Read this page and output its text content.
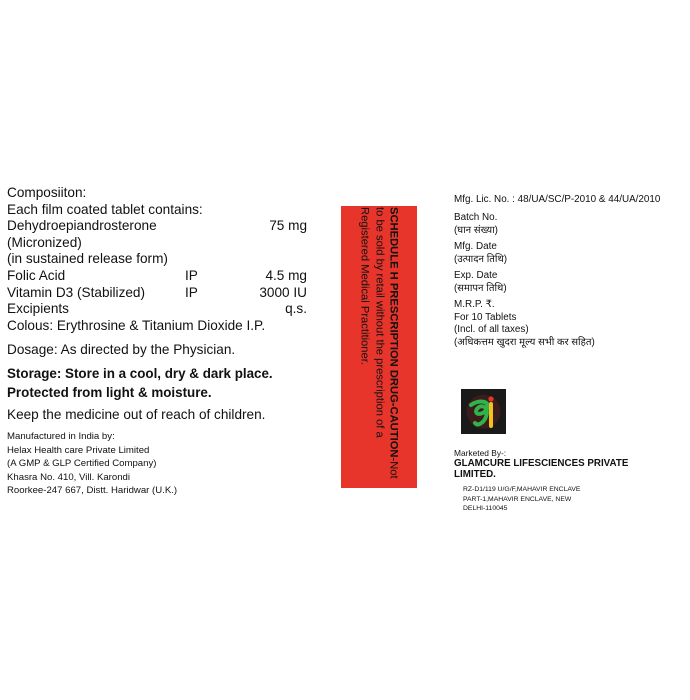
Composiiton:
Each film coated tablet contains:
Dehydroepiandrosterone	75 mg
(Micronized)
(in sustained release form)
Folic Acid	IP	4.5 mg
Vitamin D3 (Stabilized)	IP	3000 IU
Excipients	q.s.
Colous: Erythrosine & Titanium Dioxide I.P.
Dosage: As directed by the Physician.
Storage: Store in a cool, dry & dark place.
Protected from light & moisture.
Keep the medicine out of reach of children.
Manufactured in India by:
Helax Health care Private Limited
(A GMP & GLP Certified Company)
Khasra No. 410, Vill. Karondi
Roorkee-247 667, Distt. Haridwar (U.K.)
SCHEDULE H PRESCRIPTION DRUG-CAUTION-Not to be sold by retail without the prescription of a Registered Medical Practitioner.
Mfg. Lic. No. : 48/UA/SC/P-2010 & 44/UA/2010
Batch No.
(घान संख्या)
Mfg. Date
(उत्पादन तिथि)
Exp. Date
(समापन तिथि)
M.R.P. ₹.
For 10 Tablets
(Incl. of all taxes)
(अधिकत्तम खुदरा मूल्य सभी कर सहित)
Marketed By-:
GLAMCURE LIFESCIENCES PRIVATE LIMITED.
RZ-D1/119 U/G/F,MAHAVIR ENCLAVE
PART-1,MAHAVIR ENCLAVE, NEW
DELHI-110045
